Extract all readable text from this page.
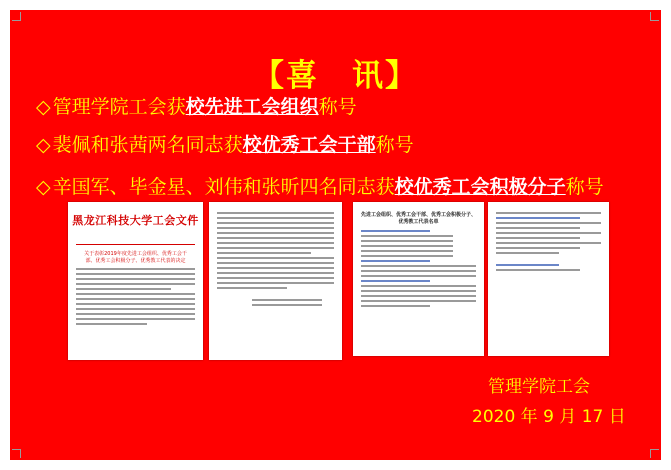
【喜　讯】
◇ 管理学院工会获校先进工会组织称号
◇ 裴佩和张茜两名同志获校优秀工会干部称号
◇ 辛国军、毕金星、刘伟和张昕四名同志获校优秀工会积极分子称号
黑龙江科技大学工会文件

关于表彰2019年度先进工会组织、优秀工会干部、优秀工会积极分子、优秀教工代表的决定
先进工会组织、优秀工会干部、优秀工会积极分子、优秀教工代表名单
管理学院工会
2020 年 9 月 17 日
